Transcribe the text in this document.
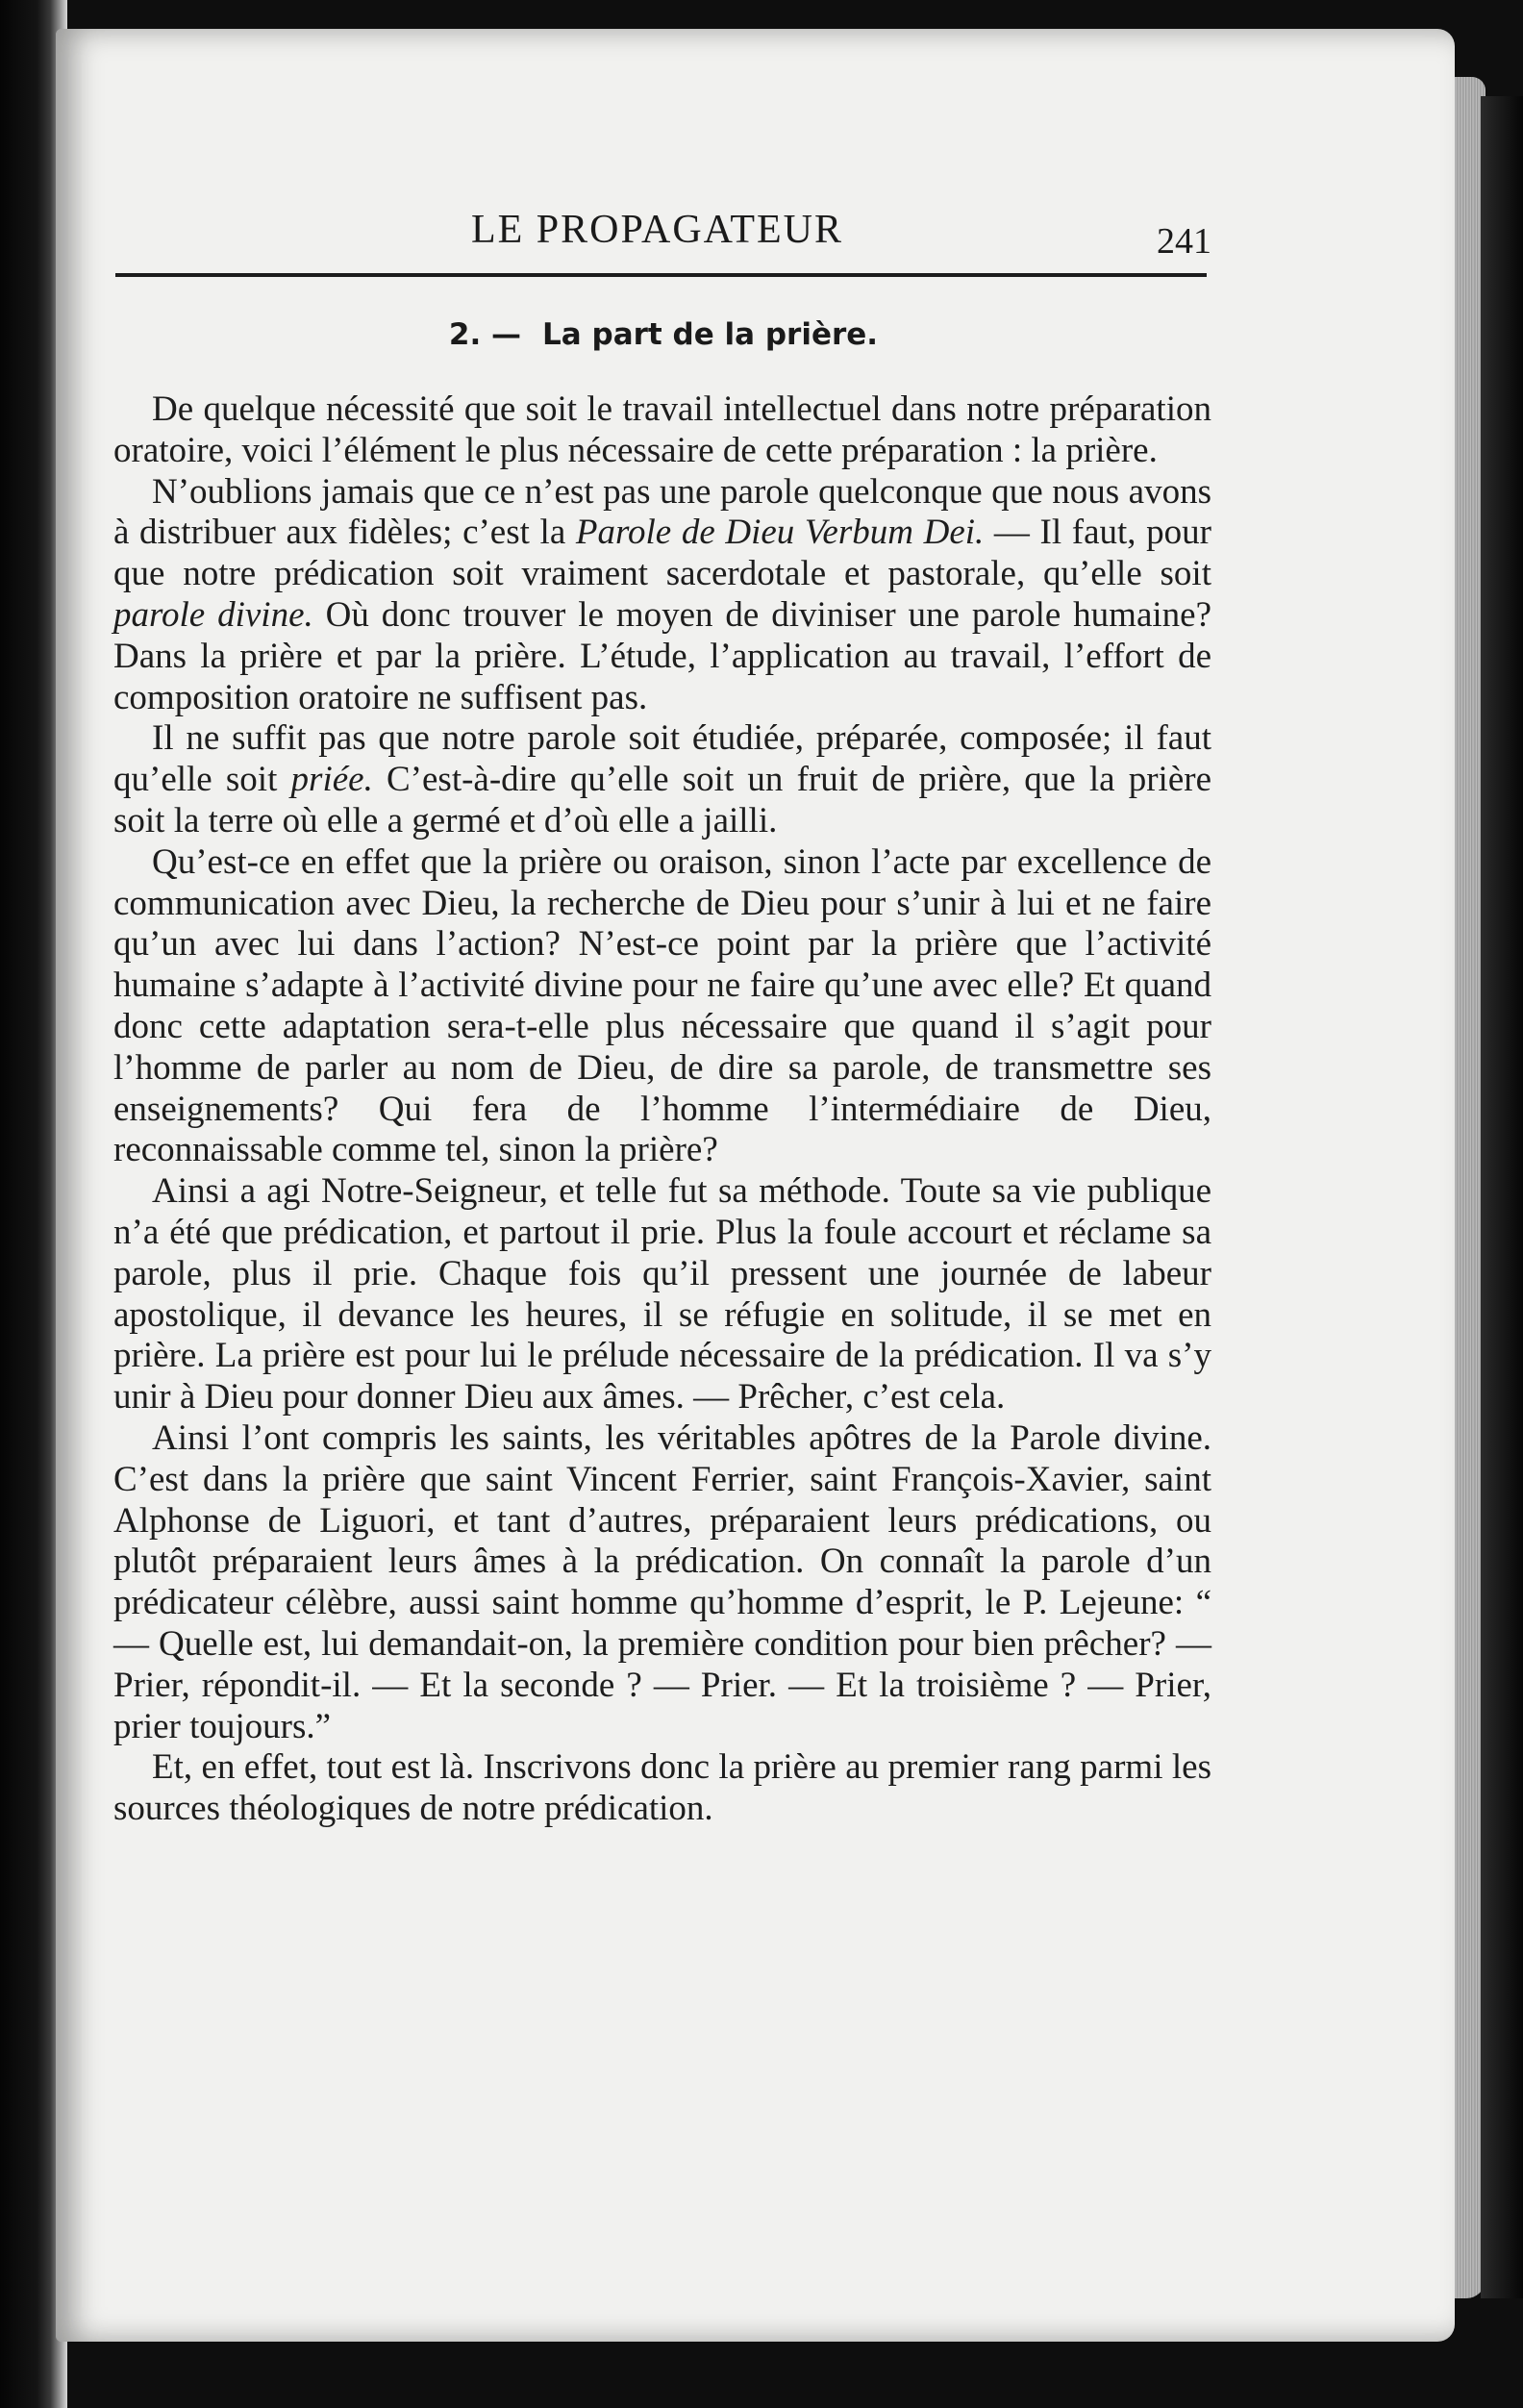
LE PROPAGATEUR	241
2. — La part de la prière.

De quelque nécessité que soit le travail intellectuel dans notre préparation oratoire, voici l’élément le plus nécessaire de cette préparation : la prière.

N’oublions jamais que ce n’est pas une parole quelconque que nous avons à distribuer aux fidèles; c’est la Parole de Dieu Verbum Dei. — Il faut, pour que notre prédication soit vraiment sacerdotale et pastorale, qu’elle soit parole divine. Où donc trouver le moyen de diviniser une parole humaine? Dans la prière et par la prière. L’étude, l’application au travail, l’effort de composition oratoire ne suffisent pas.

Il ne suffit pas que notre parole soit étudiée, préparée, composée; il faut qu’elle soit priée. C’est-à-dire qu’elle soit un fruit de prière, que la prière soit la terre où elle a germé et d’où elle a jailli.

Qu’est-ce en effet que la prière ou oraison, sinon l’acte par excellence de communication avec Dieu, la recherche de Dieu pour s’unir à lui et ne faire qu’un avec lui dans l’action? N’est-ce point par la prière que l’activité humaine s’adapte à l’activité divine pour ne faire qu’une avec elle? Et quand donc cette adaptation sera-t-elle plus nécessaire que quand il s’agit pour l’homme de parler au nom de Dieu, de dire sa parole, de transmettre ses enseignements? Qui fera de l’homme l’intermédiaire de Dieu, reconnaissable comme tel, sinon la prière?

Ainsi a agi Notre-Seigneur, et telle fut sa méthode. Toute sa vie publique n’a été que prédication, et partout il prie. Plus la foule accourt et réclame sa parole, plus il prie. Chaque fois qu’il pressent une journée de labeur apostolique, il devance les heures, il se réfugie en solitude, il se met en prière. La prière est pour lui le prélude nécessaire de la prédication. Il va s’y unir à Dieu pour donner Dieu aux âmes. — Prêcher, c’est cela.

Ainsi l’ont compris les saints, les véritables apôtres de la Parole divine. C’est dans la prière que saint Vincent Ferrier, saint François-Xavier, saint Alphonse de Liguori, et tant d’autres, préparaient leurs prédications, ou plutôt préparaient leurs âmes à la prédication. On connaît la parole d’un prédicateur célèbre, aussi saint homme qu’homme d’esprit, le P. Lejeune: “ — Quelle est, lui demandait-on, la première condition pour bien prêcher? — Prier, répondit-il. — Et la seconde ? — Prier. — Et la troisième ? — Prier, prier toujours.”

Et, en effet, tout est là. Inscrivons donc la prière au premier rang parmi les sources théologiques de notre prédication.
